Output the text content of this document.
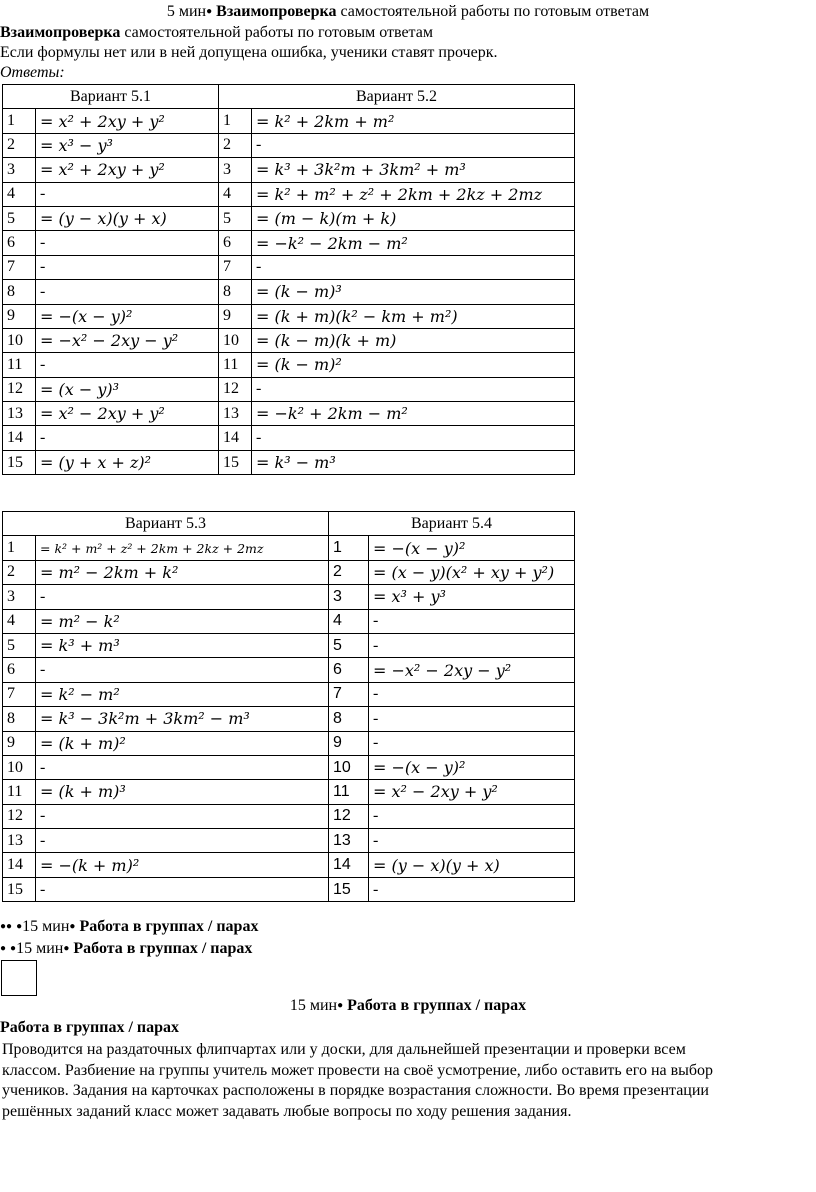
5 мин ● Взаимопроверка самостоятельной работы по готовым ответам
Взаимопроверка самостоятельной работы по готовым ответам
Если формулы нет или в ней допущена ошибка, ученики ставят прочерк.
Ответы:
Вариант 5.1		Вариант 5.2	
1	= x² + 2xy + y²	1	= k² + 2km + m²
2	= x³ − y³	2	-
3	= x² + 2xy + y²	3	= k³ + 3k²m + 3km² + m³
4	-	4	= k² + m² + z² + 2km + 2kz + 2mz
5	= (y − x)(y + x)	5	= (m − k)(m + k)
6	-	6	= −k² − 2km − m²
7	-	7	-
8	-	8	= (k − m)³
9	= −(x − y)²	9	= (k + m)(k² − km + m²)
10	= −x² − 2xy − y²	10	= (k − m)(k + m)
11	-	11	= (k − m)²
12	= (x − y)³	12	-
13	= x² − 2xy + y²	13	= −k² + 2km − m²
14	-	14	-
15	= (y + x + z)²	15	= k³ − m³
Вариант 5.3		Вариант 5.4	
1	= k² + m² + z² + 2km + 2kz + 2mz	1	= −(x − y)²
2	= m² − 2km + k²	2	= (x − y)(x² + xy + y²)
3	-	3	= x³ + y³
4	= m² − k²	4	-
5	= k³ + m³	5	-
6	-	6	= −x² − 2xy − y²
7	= k² − m²	7	-
8	= k³ − 3k²m + 3km² − m³	8	-
9	= (k + m)²	9	-
10	-	10	= −(x − y)²
11	= (k + m)³	11	= x² − 2xy + y²
12	-	12	-
13	-	13	-
14	= −(k + m)²	14	= (y − x)(y + x)
15	-	15	-
● ● ● 15 мин ● Работа в группах / парах
● ● 15 мин ● Работа в группах / парах
15 мин ● Работа в группах / парах
Работа в группах / парах
Проводится на раздаточных флипчартах или у доски, для дальнейшей презентации и проверки всем
классом. Разбиение на группы учитель может провести на своё усмотрение, либо оставить его на выбор
учеников. Задания на карточках расположены в порядке возрастания сложности. Во время презентации
решённых заданий класс может задавать любые вопросы по ходу решения задания.
